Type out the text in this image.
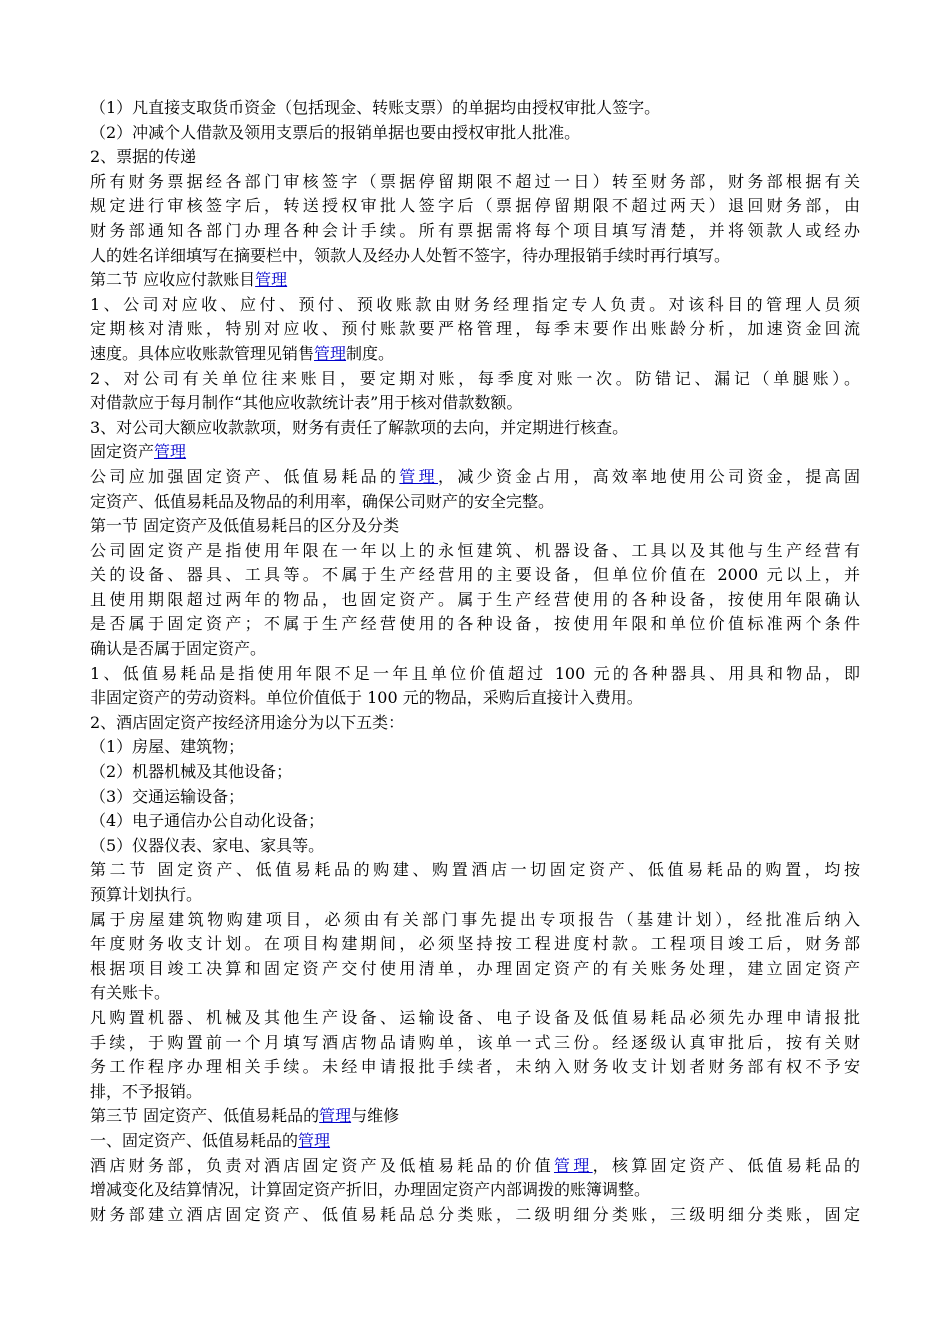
（1）凡直接支取货币资金（包括现金、转账支票）的单据均由授权审批人签字。
（2）冲减个人借款及领用支票后的报销单据也要由授权审批人批准。
2、票据的传递
所有财务票据经各部门审核签字（票据停留期限不超过一日）转至财务部，财务部根据有关
规定进行审核签字后，转送授权审批人签字后（票据停留期限不超过两天）退回财务部，由
财务部通知各部门办理各种会计手续。所有票据需将每个项目填写清楚，并将领款人或经办
人的姓名详细填写在摘要栏中，领款人及经办人处暂不签字，待办理报销手续时再行填写。
第二节 应收应付款账目管理
1、公司对应收、应付、预付、预收账款由财务经理指定专人负责。对该科目的管理人员须
定期核对清账，特别对应收、预付账款要严格管理，每季末要作出账龄分析，加速资金回流
速度。具体应收账款管理见销售管理制度。
2、对公司有关单位往来账目，要定期对账，每季度对账一次。防错记、漏记（单腿账）。
对借款应于每月制作“其他应收款统计表”用于核对借款数额。
3、对公司大额应收款款项，财务有责任了解款项的去向，并定期进行核查。
固定资产管理
公司应加强固定资产、低值易耗品的管理，减少资金占用，高效率地使用公司资金，提高固
定资产、低值易耗品及物品的利用率，确保公司财产的安全完整。
第一节 固定资产及低值易耗吕的区分及分类
公司固定资产是指使用年限在一年以上的永恒建筑、机器设备、工具以及其他与生产经营有
关的设备、器具、工具等。不属于生产经营用的主要设备，但单位价值在 2000 元以上，并
且使用期限超过两年的物品，也固定资产。属于生产经营使用的各种设备，按使用年限确认
是否属于固定资产；不属于生产经营使用的各种设备，按使用年限和单位价值标准两个条件
确认是否属于固定资产。
1、低值易耗品是指使用年限不足一年且单位价值超过 100 元的各种器具、用具和物品，即
非固定资产的劳动资料。单位价值低于 100 元的物品，采购后直接计入费用。
2、酒店固定资产按经济用途分为以下五类：
（1）房屋、建筑物；
（2）机器机械及其他设备；
（3）交通运输设备；
（4）电子通信办公自动化设备；
（5）仪器仪表、家电、家具等。
第二节 固定资产、低值易耗品的购建、购置酒店一切固定资产、低值易耗品的购置，均按
预算计划执行。
属于房屋建筑物购建项目，必须由有关部门事先提出专项报告（基建计划），经批准后纳入
年度财务收支计划。在项目构建期间，必须坚持按工程进度村款。工程项目竣工后，财务部
根据项目竣工决算和固定资产交付使用清单，办理固定资产的有关账务处理，建立固定资产
有关账卡。
凡购置机器、机械及其他生产设备、运输设备、电子设备及低值易耗品必须先办理申请报批
手续，于购置前一个月填写酒店物品请购单，该单一式三份。经逐级认真审批后，按有关财
务工作程序办理相关手续。未经申请报批手续者，未纳入财务收支计划者财务部有权不予安
排，不予报销。
第三节 固定资产、低值易耗品的管理与维修
一、固定资产、低值易耗品的管理
酒店财务部，负责对酒店固定资产及低植易耗品的价值管理，核算固定资产、低值易耗品的
增减变化及结算情况，计算固定资产折旧，办理固定资产内部调拨的账簿调整。
财务部建立酒店固定资产、低值易耗品总分类账，二级明细分类账，三级明细分类账，固定
